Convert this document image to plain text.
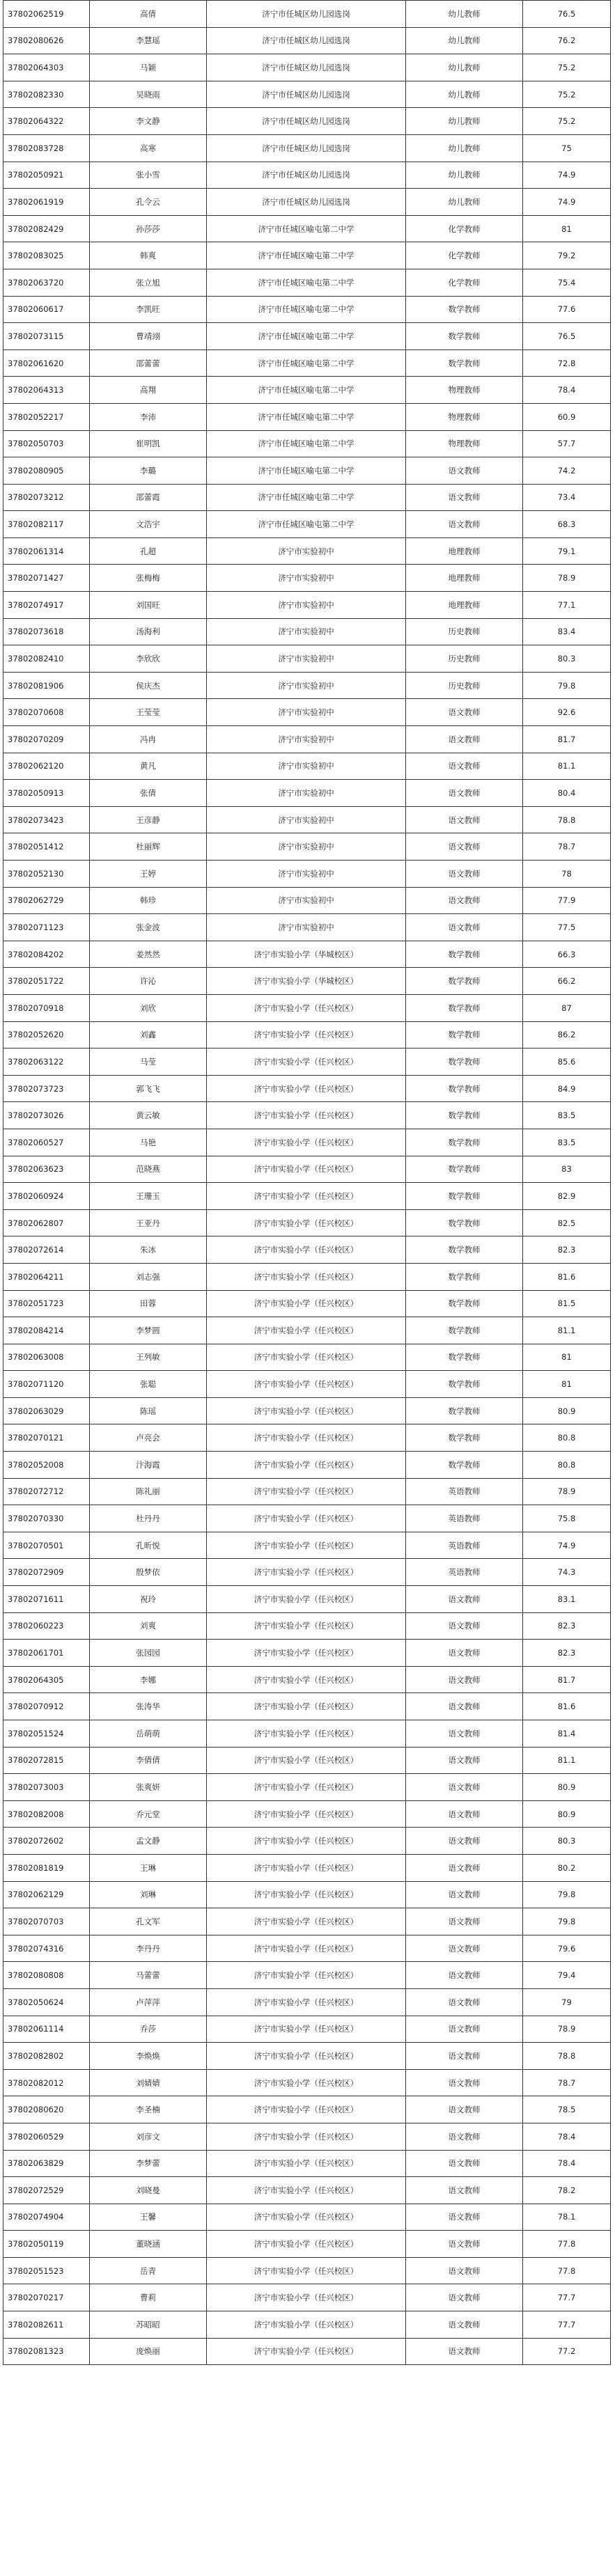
37802062519	高倩	济宁市任城区幼儿园选岗	幼儿教师	76.5
37802080626	李慧瑶	济宁市任城区幼儿园选岗	幼儿教师	76.2
37802064303	马颖	济宁市任城区幼儿园选岗	幼儿教师	75.2
37802082330	吴晓雨	济宁市任城区幼儿园选岗	幼儿教师	75.2
37802064322	李文静	济宁市任城区幼儿园选岗	幼儿教师	75.2
37802083728	高寒	济宁市任城区幼儿园选岗	幼儿教师	75
37802050921	张小雪	济宁市任城区幼儿园选岗	幼儿教师	74.9
37802061919	孔令云	济宁市任城区幼儿园选岗	幼儿教师	74.9
37802082429	孙莎莎	济宁市任城区喻屯第二中学	化学教师	81
37802083025	韩爽	济宁市任城区喻屯第二中学	化学教师	79.2
37802063720	张立旭	济宁市任城区喻屯第二中学	化学教师	75.4
37802060617	李凯旺	济宁市任城区喻屯第二中学	数学教师	77.6
37802073115	曹靖翊	济宁市任城区喻屯第二中学	数学教师	76.5
37802061620	邵蕾蕾	济宁市任城区喻屯第二中学	数学教师	72.8
37802064313	高翔	济宁市任城区喻屯第二中学	物理教师	78.4
37802052217	李沛	济宁市任城区喻屯第二中学	物理教师	60.9
37802050703	崔明凯	济宁市任城区喻屯第二中学	物理教师	57.7
37802080905	李璐	济宁市任城区喻屯第二中学	语文教师	74.2
37802073212	邵蕾霞	济宁市任城区喻屯第二中学	语文教师	73.4
37802082117	文浩宇	济宁市任城区喻屯第二中学	语文教师	68.3
37802061314	孔超	济宁市实验初中	地理教师	79.1
37802071427	张梅梅	济宁市实验初中	地理教师	78.9
37802074917	刘国旺	济宁市实验初中	地理教师	77.1
37802073618	汤海利	济宁市实验初中	历史教师	83.4
37802082410	李欣欣	济宁市实验初中	历史教师	80.3
37802081906	侯庆杰	济宁市实验初中	历史教师	79.8
37802070608	王莹莹	济宁市实验初中	语文教师	92.6
37802070209	冯冉	济宁市实验初中	语文教师	81.7
37802062120	黄凡	济宁市实验初中	语文教师	81.1
37802050913	张倩	济宁市实验初中	语文教师	80.4
37802073423	王彦静	济宁市实验初中	语文教师	78.8
37802051412	杜丽辉	济宁市实验初中	语文教师	78.7
37802052130	王婷	济宁市实验初中	语文教师	78
37802062729	韩珍	济宁市实验初中	语文教师	77.9
37802071123	张金波	济宁市实验初中	语文教师	77.5
37802084202	姜然然	济宁市实验小学（华城校区）	数学教师	66.3
37802051722	许沁	济宁市实验小学（华城校区）	数学教师	66.2
37802070918	刘欣	济宁市实验小学（任兴校区）	数学教师	87
37802052620	刘鑫	济宁市实验小学（任兴校区）	数学教师	86.2
37802063122	马莹	济宁市实验小学（任兴校区）	数学教师	85.6
37802073723	郭飞飞	济宁市实验小学（任兴校区）	数学教师	84.9
37802073026	黄云敏	济宁市实验小学（任兴校区）	数学教师	83.5
37802060527	马艳	济宁市实验小学（任兴校区）	数学教师	83.5
37802063623	范晓燕	济宁市实验小学（任兴校区）	数学教师	83
37802060924	王珊玉	济宁市实验小学（任兴校区）	数学教师	82.9
37802062807	王亚丹	济宁市实验小学（任兴校区）	数学教师	82.5
37802072614	朱冰	济宁市实验小学（任兴校区）	数学教师	82.3
37802064211	刘志强	济宁市实验小学（任兴校区）	数学教师	81.6
37802051723	田蓉	济宁市实验小学（任兴校区）	数学教师	81.5
37802084214	李梦圆	济宁市实验小学（任兴校区）	数学教师	81.1
37802063008	王列敏	济宁市实验小学（任兴校区）	数学教师	81
37802071120	张聪	济宁市实验小学（任兴校区）	数学教师	81
37802063029	陈瑶	济宁市实验小学（任兴校区）	数学教师	80.9
37802070121	卢亮会	济宁市实验小学（任兴校区）	数学教师	80.8
37802052008	汴海霞	济宁市实验小学（任兴校区）	数学教师	80.8
37802072712	陈礼丽	济宁市实验小学（任兴校区）	英语教师	78.9
37802070330	杜丹丹	济宁市实验小学（任兴校区）	英语教师	75.8
37802070501	孔昕悦	济宁市实验小学（任兴校区）	英语教师	74.9
37802072909	殷梦依	济宁市实验小学（任兴校区）	英语教师	74.3
37802071611	祝玲	济宁市实验小学（任兴校区）	语文教师	83.1
37802060223	刘爽	济宁市实验小学（任兴校区）	语文教师	82.3
37802061701	张园园	济宁市实验小学（任兴校区）	语文教师	82.3
37802064305	李娜	济宁市实验小学（任兴校区）	语文教师	81.7
37802070912	张涛华	济宁市实验小学（任兴校区）	语文教师	81.6
37802051524	岳萌萌	济宁市实验小学（任兴校区）	语文教师	81.4
37802072815	李倩倩	济宁市实验小学（任兴校区）	语文教师	81.1
37802073003	张爽妍	济宁市实验小学（任兴校区）	语文教师	80.9
37802082008	乔元堂	济宁市实验小学（任兴校区）	语文教师	80.9
37802072602	孟文静	济宁市实验小学（任兴校区）	语文教师	80.3
37802081819	王琳	济宁市实验小学（任兴校区）	语文教师	80.2
37802062129	刘琳	济宁市实验小学（任兴校区）	语文教师	79.8
37802070703	孔文军	济宁市实验小学（任兴校区）	语文教师	79.8
37802074316	李丹丹	济宁市实验小学（任兴校区）	语文教师	79.6
37802080808	马蕾蕾	济宁市实验小学（任兴校区）	语文教师	79.4
37802050624	卢萍萍	济宁市实验小学（任兴校区）	语文教师	79
37802061114	乔莎	济宁市实验小学（任兴校区）	语文教师	78.9
37802082802	李焕焕	济宁市实验小学（任兴校区）	语文教师	78.8
37802082012	刘婧婧	济宁市实验小学（任兴校区）	语文教师	78.7
37802080620	李圣楠	济宁市实验小学（任兴校区）	语文教师	78.5
37802060529	刘彦文	济宁市实验小学（任兴校区）	语文教师	78.4
37802063829	李梦蕾	济宁市实验小学（任兴校区）	语文教师	78.4
37802072529	刘晓曼	济宁市实验小学（任兴校区）	语文教师	78.2
37802074904	王馨	济宁市实验小学（任兴校区）	语文教师	78.1
37802050119	董晓涵	济宁市实验小学（任兴校区）	语文教师	77.8
37802051523	岳青	济宁市实验小学（任兴校区）	语文教师	77.8
37802070217	曹莉	济宁市实验小学（任兴校区）	语文教师	77.7
37802082611	苏昭昭	济宁市实验小学（任兴校区）	语文教师	77.7
37802081323	庞焕丽	济宁市实验小学（任兴校区）	语文教师	77.2
